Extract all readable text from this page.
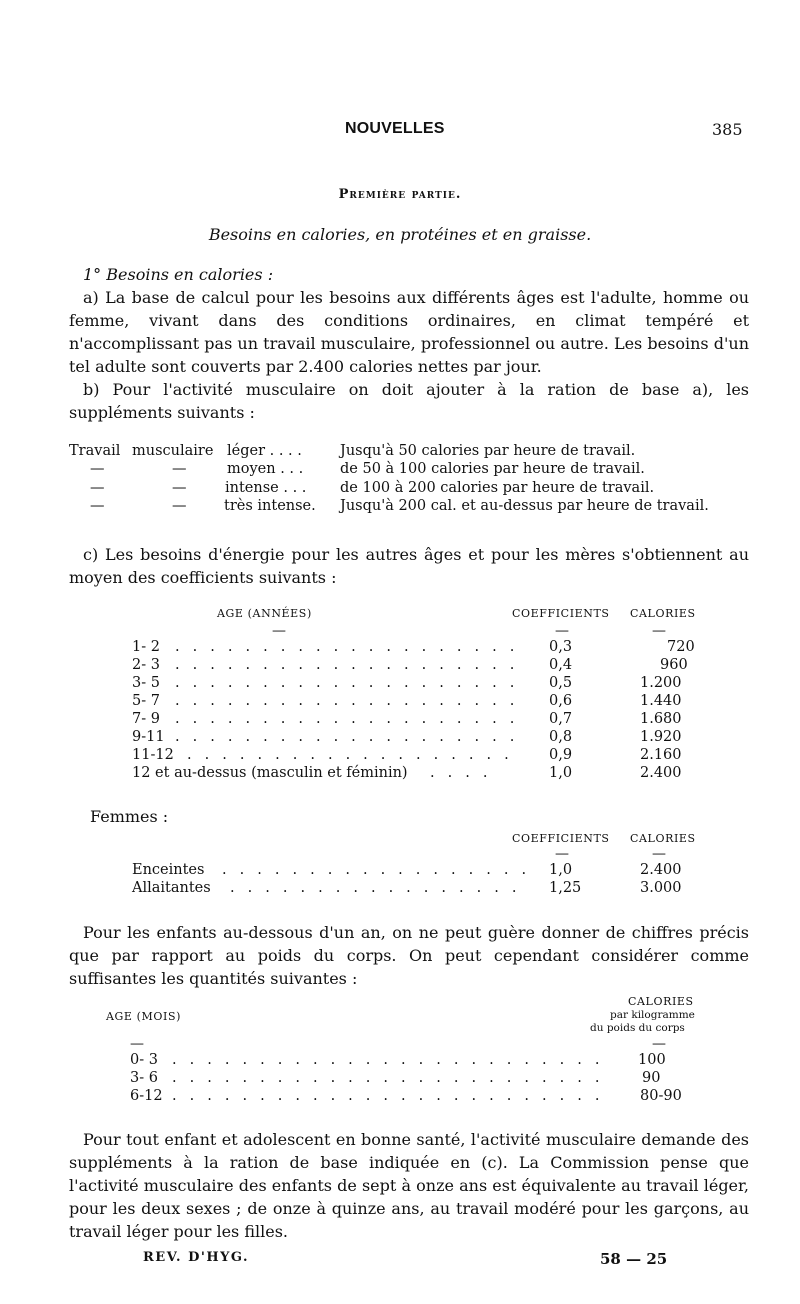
NOUVELLES	385
Première partie.
Besoins en calories, en protéines et en graisse.

1° Besoins en calories :

a) La base de calcul pour les besoins aux différents âges est l'adulte, homme ou femme, vivant dans des conditions ordinaires, en climat tempéré et n'accomplissant pas un travail musculaire, professionnel ou autre. Les besoins d'un tel adulte sont couverts par 2.400 calories nettes par jour.

b) Pour l'activité musculaire on doit ajouter à la ration de base a), les suppléments suivants :

Travail musculaire léger . . . .	Jusqu'à 50 calories par heure de travail.
—	—	moyen . . .	de 50 à 100 calories par heure de travail.
—	—	intense . . . de 100 à 200 calories par heure de travail.
—	—	très intense. Jusqu'à 200 cal. et au-dessus par heure de travail.

c) Les besoins d'énergie pour les autres âges et pour les mères s'obtiennent au moyen des coefficients suivants :

AGE (ANNÉES)	COEFFICIENTS CALORIES
—	—	—
1- 2 . . . . . . . . . . . . . . . . . . . . 0,3	720
2- 3 . . . . . . . . . . . . . . . . . . . . 0,4	960
3- 5 . . . . . . . . . . . . . . . . . . . . 0,5	1.200
5- 7 . . . . . . . . . . . . . . . . . . . . 0,6	1.440
7- 9 . . . . . . . . . . . . . . . . . . . . 0,7	1.680
9-11 . . . . . . . . . . . . . . . . . . . . 0,8	1.920
11-12 . . . . . . . . . . . . . . . . . . . 0,9	2.160
12 et au-dessus (masculin et féminin) . . . .	1,0	2.400
Femmes :
COEFFICIENTS CALORIES
—	—
Enceintes . . . . . . . . . . . . . . . . . . 1,0	2.400
Allaitantes . . . . . . . . . . . . . . . . . 1,25	3.000

Pour les enfants au-dessous d'un an, on ne peut guère donner de chiffres précis que par rapport au poids du corps. On peut cependant considérer comme suffisantes les quantités suivantes :

AGE (MOIS)
CALORIES
par kilogramme
du poids du corps
—	—
0- 3 . . . . . . . . . . . . . . . . . . . . . . . . . 100
3- 6 . . . . . . . . . . . . . . . . . . . . . . . . .	90
6-12 . . . . . . . . . . . . . . . . . . . . . . . . .	80-90

Pour tout enfant et adolescent en bonne santé, l'activité musculaire demande des suppléments à la ration de base indiquée en (c). La Commission pense que l'activité musculaire des enfants de sept à onze ans est équivalente au travail léger, pour les deux sexes ; de onze à quinze ans, au travail modéré pour les garçons, au travail léger pour les filles.

REV. D'HYG.	58 — 25
